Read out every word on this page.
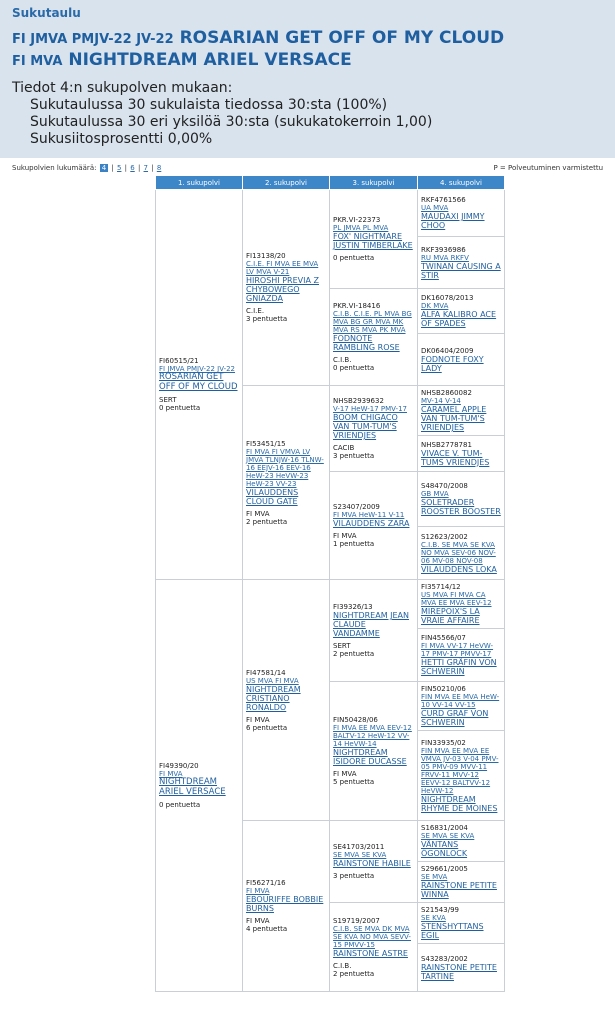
Sukutaulu
FI JMVA PMJV-22 JV-22 ROSARIAN GET OFF OF MY CLOUD
FI MVA NIGHTDREAM ARIEL VERSACE
Tiedot 4:n sukupolven mukaan:
Sukutaulussa 30 sukulaista tiedossa 30:sta (100%)
Sukutaulussa 30 eri yksilöä 30:sta (sukukatokerroin 1,00)
Sukusiitosprosentti 0,00%
Sukupolvien lukumäärä: 4 | 5 | 6 | 7 | 8	P = Polveutuminen varmistettu
1. sukupolvi	2. sukupolvi	3. sukupolvi	4. sukupolvi
FI60515/21
FI JMVA PMJV-22 JV-22
ROSARIAN GET OFF OF MY CLOUD
SERT
0 pentuetta	FI13138/20
C.I.E. FI MVA EE MVA LV MVA V-21
HIROSHI PREVIA Z CHYBOWEGO GNIAZDA
C.I.E.
3 pentuetta	PKR.VI-22373
PL JMVA PL MVA
FOX' NIGHTMARE JUSTIN TIMBERLAKE
0 pentuetta	RKF4761566
UA MVA
MAUDAXI JIMMY CHOO

			RKF3936986
RU MVA RKFV
TWINAN CAUSING A STIR

		PKR.VI-18416
C.I.B. C.I.E. PL MVA BG MVA BG GR MVA MK MVA RS MVA PK MVA
FODNOTE RAMBLING ROSE
C.I.B.
0 pentuetta	DK16078/2013
DK MVA
ALFA KALIBRO ACE OF SPADES

			DK06404/2009
FODNOTE FOXY LADY

	FI53451/15
FI MVA FI VMVA LV JMVA TLNJW-16 TLNW-16 EEJV-16 EEV-16 HeW-23 HeVW-23 HeW-23 VV-23
VILAUDDENS CLOUD GATE
FI MVA
2 pentuetta	NHSB2939632
V-17 HeW-17 PMV-17
BOOM CHIGACO VAN TUM-TUM'S VRIENDJES
CACIB
3 pentuetta	NHSB2860082
MV-14 V-14
CARAMEL APPLE VAN TUM-TUM'S VRIENDJES

			NHSB2778781
VIVACE V. TUM-TUMS VRIENDJES

		S23407/2009
FI MVA HeW-11 V-11
VILAUDDENS ZARA
FI MVA
1 pentuetta	S48470/2008
GB MVA
SOLETRADER ROOSTER BOOSTER

			S12623/2002
C.I.B. SE MVA SE KVA NO MVA SEV-06 NOV-06 MV-08 NOV-08
VILAUDDENS LOKA

FI49390/20
FI MVA
NIGHTDREAM ARIEL VERSACE
0 pentuetta	FI47581/14
US MVA FI MVA
NIGHTDREAM CRISTIANO RONALDO
FI MVA
6 pentuetta	FI39326/13
NIGHTDREAM JEAN CLAUDE VANDAMME
SERT
2 pentuetta	FI35714/12
US MVA FI MVA CA MVA EE MVA EEV-12
MIREPOIX'S LA VRAIE AFFAIRE

			FIN45566/07
FI MVA VV-17 HeVW-17 PMV-17 PMVV-17
HETTI GRÄFIN VON SCHWERIN

		FIN50428/06
FI MVA EE MVA EEV-12 BALTV-12 HeW-12 VV-14 HeVW-14
NIGHTDREAM ISIDORE DUCASSE
FI MVA
5 pentuetta	FIN50210/06
FIN MVA EE MVA HeW-10 VV-14 VV-15
CURD GRAF VON SCHWERIN

			FIN33935/02
FIN MVA EE MVA EE VMVA JV-03 V-04 PMV-05 PMV-09 MVV-11 FRVV-11 MVV-12 EEVV-12 BALTVV-12 HeVW-12
NIGHTDREAM RHYME DE MOINES

	FI56271/16
FI MVA
EBOURIFFE BOBBIE BURNS
FI MVA
4 pentuetta	SE41703/2011
SE MVA SE KVA
RAINSTONE HABILE
3 pentuetta	S16831/2004
SE MVA SE KVA
VÄNTANS ÖGONLOCK

			S29661/2005
SE MVA
RAINSTONE PETITE WINNA

		S19719/2007
C.I.B. SE MVA DK MVA SE KVA NO MVA SEVV-15 PMVV-15
RAINSTONE ASTRE
C.I.B.
2 pentuetta	S21543/99
SE KVA
STENSHYTTANS EGIL

			S43283/2002
RAINSTONE PETITE TARTINE
